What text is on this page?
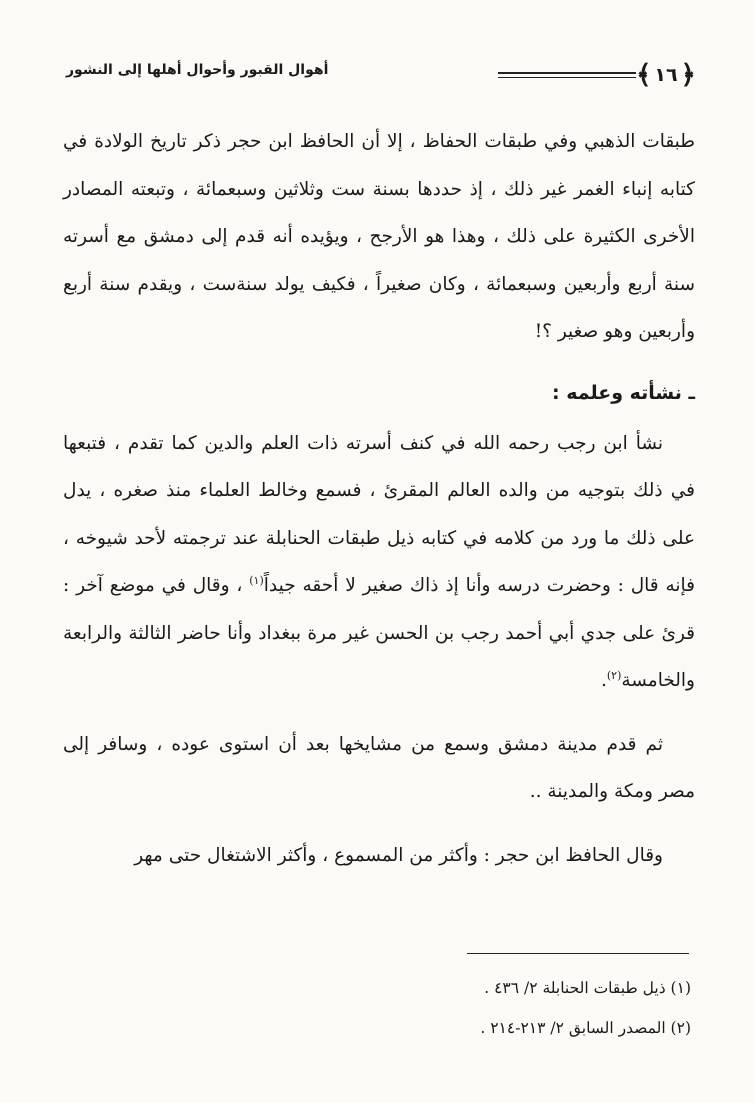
﴿
١٦
﴾
أهوال القبور وأحوال أهلها إلى النشور

طبقات الذهبي وفي طبقات الحفاظ ، إلا أن الحافظ ابن حجر ذكر تاريخ الولادة في كتابه إنباء الغمر غير ذلك ، إذ حددها بسنة ست وثلاثين وسبعمائة ، وتبعته المصادر الأخرى الكثيرة على ذلك ، وهذا هو الأرجح ، ويؤيده أنه قدم إلى دمشق مع أسرته سنة أربع وأربعين وسبعمائة ، وكان صغيراً ، فكيف يولد سنةست ، ويقدم سنة أربع وأربعين وهو صغير ؟!

ـ نشأته وعلمه :

نشأ ابن رجب رحمه الله في كنف أسرته ذات العلم والدين كما تقدم ، فتبعها في ذلك بتوجيه من والده العالم المقرئ ، فسمع وخالط العلماء منذ صغره ، يدل على ذلك ما ورد من كلامه في كتابه ذيل طبقات الحنابلة عند ترجمته لأحد شيوخه ، فإنه قال : وحضرت درسه وأنا إذ ذاك صغير لا أحقه جيداً$^{(١)}$ ، وقال في موضع آخر : قرئ على جدي أبي أحمد رجب بن الحسن غير مرة ببغداد وأنا حاضر الثالثة والرابعة والخامسة$^{(٢)}$.

ثم قدم مدينة دمشق وسمع من مشايخها بعد أن استوى عوده ، وسافر إلى مصر ومكة والمدينة ..

وقال الحافظ ابن حجر : وأكثر من المسموع ، وأكثر الاشتغال حتى مهر

(١) ذيل طبقات الحنابلة ٢/ ٤٣٦ .

(٢) المصدر السابق ٢/ ٢١٣-٢١٤ .
